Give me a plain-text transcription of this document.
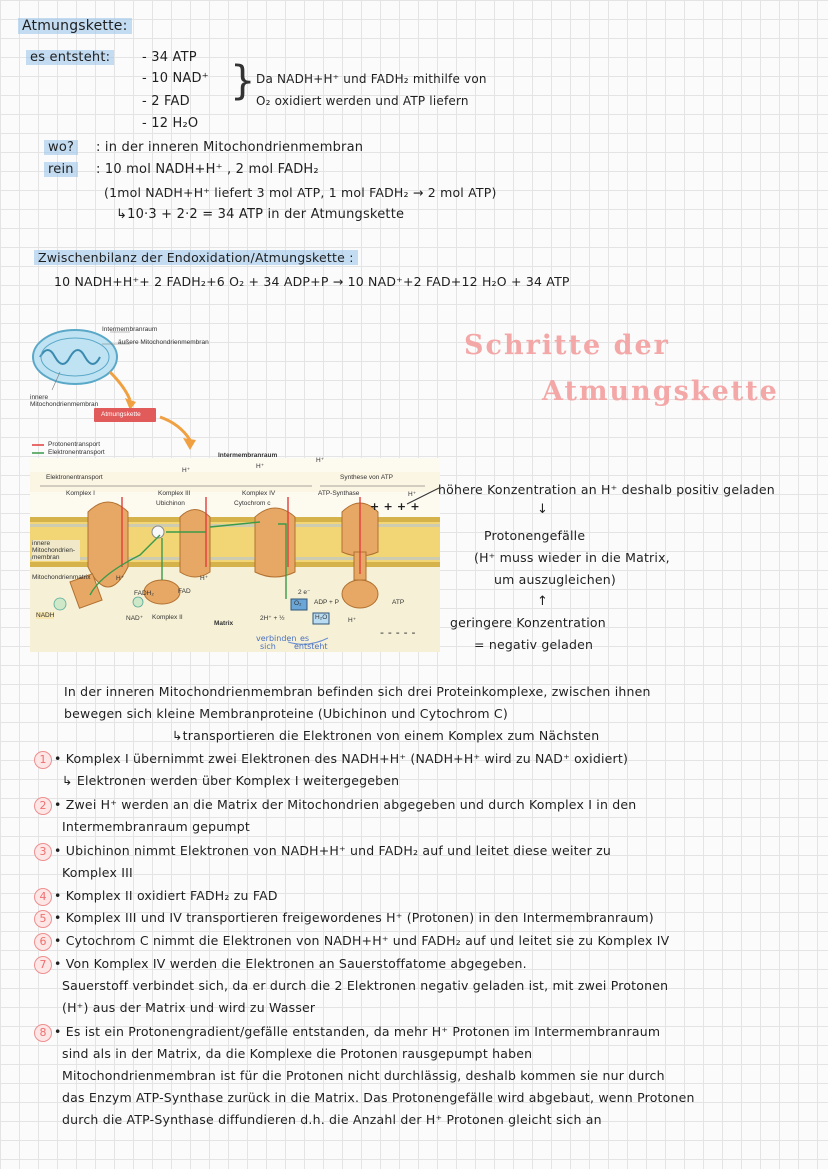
Atmungskette:
es entsteht:	- 34 ATP
- 10 NAD⁺
- 2 FAD
- 12 H₂O
} Da NADH+H⁺ und FADH₂ mithilfe von
O₂ oxidiert werden und ATP liefern
wo?	: in der inneren Mitochondrienmembran
rein	: 10 mol NADH+H⁺ , 2 mol FADH₂
(1mol NADH+H⁺ liefert 3 mol ATP, 1 mol FADH₂ → 2 mol ATP)
↳10·3 + 2·2 = 34 ATP in der Atmungskette
Zwischenbilanz der Endoxidation/Atmungskette :
10 NADH+H⁺+ 2 FADH₂+6 O₂ + 34 ADP+P → 10 NAD⁺+2 FAD+12 H₂O + 34 ATP
Schritte der
Atmungskette
Intermembranraum
äußere Mitochondrienmembran
innere Mitochondrienmembran
Atmungskette
Protonentransport
Elektronentransport	Intermembranraum
Elektronentransport	Synthese von ATP
Komplex I	Komplex III	Komplex IV	ATP-Synthase
Ubichinon	Cytochrom c
innere Mitochondrien-membran
Mitochondrienmatrix
Matrix
FADH₂	FAD
NADH	NAD⁺ Komplex II
ADP + P	ATP
O₂
H₂O
2H⁺ + ½
2 e⁻
H⁺	H⁺
H⁺
H⁺
H⁺
H⁺
H⁺
+ + + +
- - - - -
verbinden
sich
es
entsteht
höhere Konzentration an H⁺ deshalb positiv geladen
↓
Protonengefälle
(H⁺ muss wieder in die Matrix,
um auszugleichen)
↑
geringere Konzentration
= negativ geladen
In der inneren Mitochondrienmembran befinden sich drei Proteinkomplexe, zwischen ihnen
bewegen sich kleine Membranproteine (Ubichinon und Cytochrom C)
↳transportieren die Elektronen von einem Komplex zum Nächsten
1 • Komplex I übernimmt zwei Elektronen des NADH+H⁺ (NADH+H⁺ wird zu NAD⁺ oxidiert)
↳ Elektronen werden über Komplex I weitergegeben
2 • Zwei H⁺ werden an die Matrix der Mitochondrien abgegeben und durch Komplex I in den
Intermembranraum gepumpt
3 • Ubichinon nimmt Elektronen von NADH+H⁺ und FADH₂ auf und leitet diese weiter zu
Komplex III
4 • Komplex II oxidiert FADH₂ zu FAD
5 • Komplex III und IV transportieren freigewordenes H⁺ (Protonen) in den Intermembranraum)
6 • Cytochrom C nimmt die Elektronen von NADH+H⁺ und FADH₂ auf und leitet sie zu Komplex IV
7 • Von Komplex IV werden die Elektronen an Sauerstoffatome abgegeben.
Sauerstoff verbindet sich, da er durch die 2 Elektronen negativ geladen ist, mit zwei Protonen
(H⁺) aus der Matrix und wird zu Wasser
8 • Es ist ein Protonengradient/gefälle entstanden, da mehr H⁺ Protonen im Intermembranraum
sind als in der Matrix, da die Komplexe die Protonen rausgepumpt haben
Mitochondrienmembran ist für die Protonen nicht durchlässig, deshalb kommen sie nur durch
das Enzym ATP-Synthase zurück in die Matrix. Das Protonengefälle wird abgebaut, wenn Protonen
durch die ATP-Synthase diffundieren d.h. die Anzahl der H⁺ Protonen gleicht sich an
